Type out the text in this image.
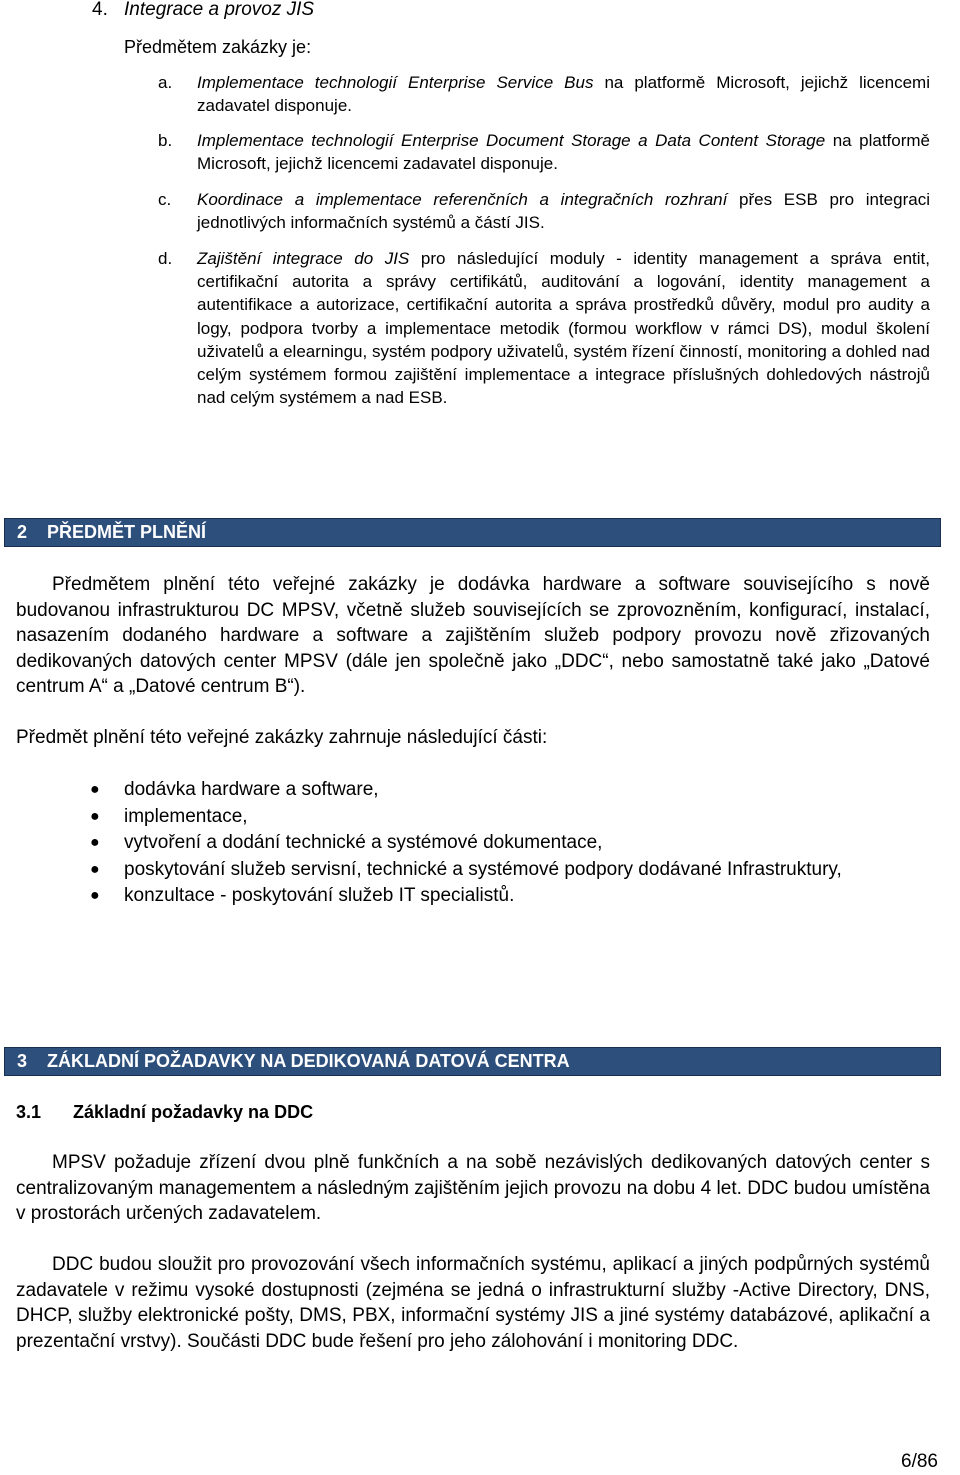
4. Integrace a provoz JIS
Předmětem zakázky je:
a.	Implementace technologií Enterprise Service Bus na platformě Microsoft, jejichž licencemi zadavatel disponuje.
b.	Implementace technologií Enterprise Document Storage a Data Content Storage na platformě Microsoft, jejichž licencemi zadavatel disponuje.
c.	Koordinace a implementace referenčních a integračních rozhraní přes ESB pro integraci jednotlivých informačních systémů a částí JIS.
d.	Zajištění integrace do JIS pro následující moduly - identity management a správa entit, certifikační autorita a správy certifikátů, auditování a logování, identity management a autentifikace a autorizace, certifikační autorita a správa prostředků důvěry, modul pro audity a logy, podpora tvorby a implementace metodik (formou workflow v rámci DS), modul školení uživatelů a elearningu, systém podpory uživatelů, systém řízení činností, monitoring a dohled nad celým systémem formou zajištění implementace a integrace příslušných dohledových nástrojů nad celým systémem a nad ESB.
2	PŘEDMĚT PLNĚNÍ
Předmětem plnění této veřejné zakázky je dodávka hardware a software souvisejícího s nově budovanou infrastrukturou DC MPSV, včetně služeb souvisejících se zprovozněním, konfigurací, instalací, nasazením dodaného hardware a software a zajištěním služeb podpory provozu nově zřizovaných dedikovaných datových center MPSV (dále jen společně jako „DDC“, nebo samostatně také jako „Datové centrum A“ a „Datové centrum B“).
Předmět plnění této veřejné zakázky zahrnuje následující části:
● dodávka hardware a software,
● implementace,
● vytvoření a dodání technické a systémové dokumentace,
● poskytování služeb servisní, technické a systémové podpory dodávané Infrastruktury,
● konzultace - poskytování služeb IT specialistů.
3	ZÁKLADNÍ POŽADAVKY NA DEDIKOVANÁ DATOVÁ CENTRA
3.1 Základní požadavky na DDC
MPSV požaduje zřízení dvou plně funkčních a na sobě nezávislých dedikovaných datových center s centralizovaným managementem a následným zajištěním jejich provozu na dobu 4 let. DDC budou umístěna v prostorách určených zadavatelem.
DDC budou sloužit pro provozování všech informačních systému, aplikací a jiných podpůrných systémů zadavatele v režimu vysoké dostupnosti (zejména se jedná o infrastrukturní služby -Active Directory, DNS, DHCP, služby elektronické pošty, DMS, PBX, informační systémy JIS a jiné systémy databázové, aplikační a prezentační vrstvy). Součásti DDC bude řešení pro jeho zálohování i monitoring DDC.
6/86
